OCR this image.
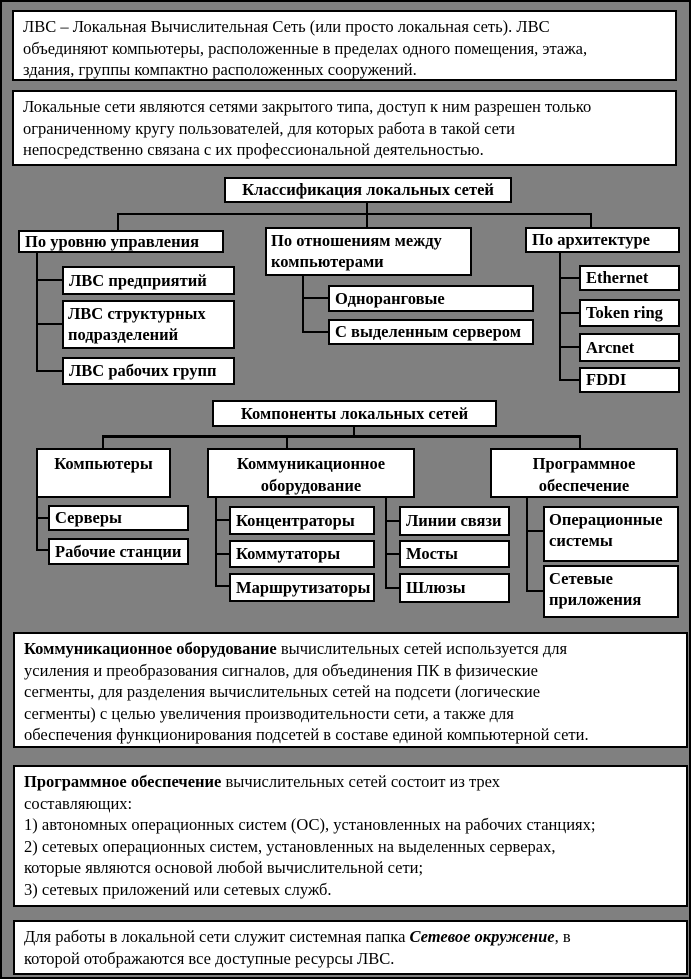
ЛВС – Локальная Вычислительная Сеть (или просто локальная сеть). ЛВС
объединяют компьютеры, расположенные в пределах одного помещения, этажа,
здания, группы компактно расположенных сооружений.
Локальные сети являются сетями закрытого типа, доступ к ним разрешен только
ограниченному кругу пользователей, для которых работа в такой сети
непосредственно связана с их профессиональной деятельностью.
Классификация локальных сетей
По уровню управления	По отношениям между компьютерами
По архитектуре
ЛВС предприятий
ЛВС структурных подразделений
ЛВС рабочих групп
Одноранговые
С выделенным сервером
Ethernet
Token ring
Arcnet
FDDI
Компоненты локальных сетей
Компьютеры	Коммуникационное оборудование
Программное обеспечение
Серверы
Рабочие станции
Концентраторы
Коммутаторы
Маршрутизаторы
Линии связи
Мосты
Шлюзы
Операционные системы
Сетевые приложения
Коммуникационное оборудование вычислительных сетей используется для
усиления и преобразования сигналов, для объединения ПК в физические
сегменты, для разделения вычислительных сетей на подсети (логические
сегменты) с целью увеличения производительности сети, а также для
обеспечения функционирования подсетей в составе единой компьютерной сети.
Программное обеспечение вычислительных сетей состоит из трех
составляющих:
1) автономных операционных систем (ОС), установленных на рабочих станциях;
2) сетевых операционных систем, установленных на выделенных серверах,
которые являются основой любой вычислительной сети;
3) сетевых приложений или сетевых служб.
Для работы в локальной сети служит системная папка Сетевое окружение, в
которой отображаются все доступные ресурсы ЛВС.
